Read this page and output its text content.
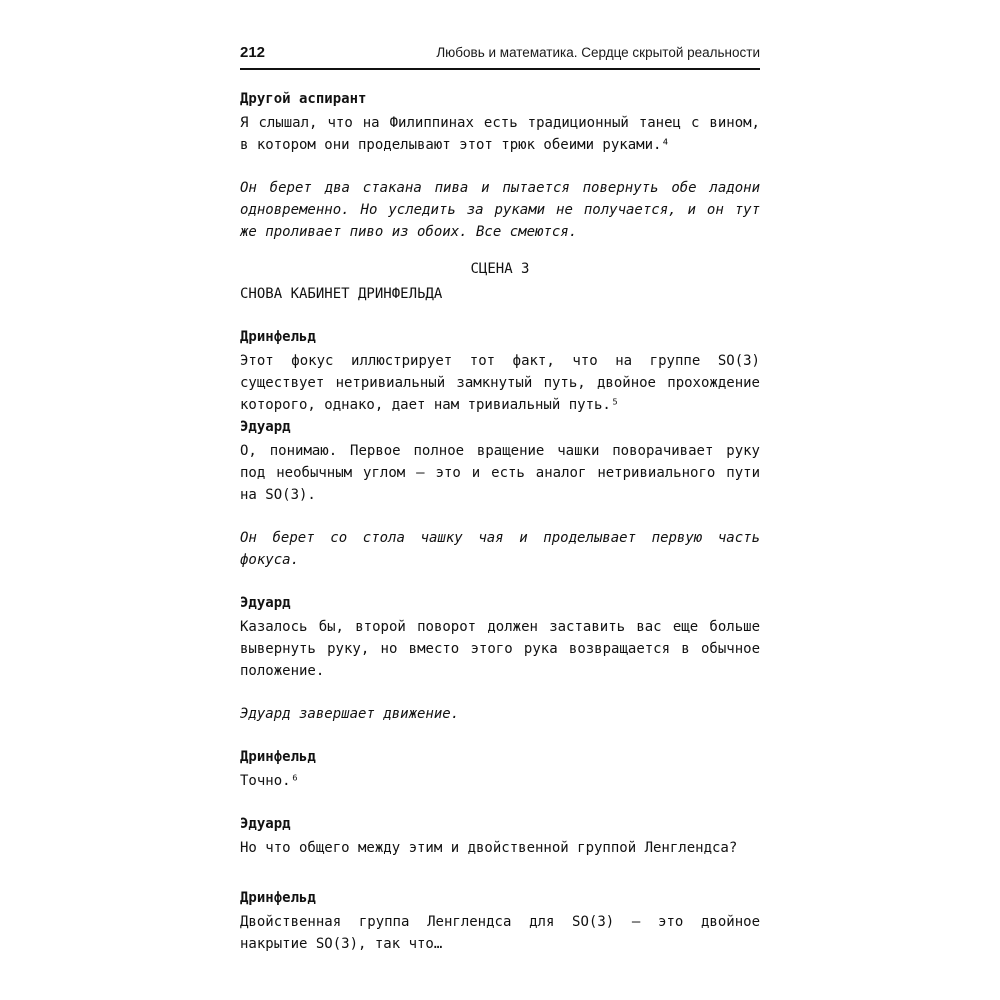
212	Любовь и математика. Сердце скрытой реальности

Другой аспирант

Я слышал, что на Филиппинах есть традиционный танец с вином, в котором они проделывают этот трюк обеими руками.⁴

Он берет два стакана пива и пытается повернуть обе ладони одновременно. Но уследить за руками не получается, и он тут же проливает пиво из обоих. Все смеются.

СЦЕНА 3

СНОВА КАБИНЕТ ДРИНФЕЛЬДА

Дринфельд

Этот фокус иллюстрирует тот факт, что на группе SO(3) существует нетривиальный замкнутый путь, двойное прохождение которого, однако, дает нам тривиальный путь.⁵

Эдуард

О, понимаю. Первое полное вращение чашки поворачивает руку под необычным углом — это и есть аналог нетривиального пути на SO(3).

Он берет со стола чашку чая и проделывает первую часть фокуса.

Эдуард

Казалось бы, второй поворот должен заставить вас еще больше вывернуть руку, но вместо этого рука возвращается в обычное положение.

Эдуард завершает движение.

Дринфельд

Точно.⁶

Эдуард

Но что общего между этим и двойственной группой Ленглендса?

Дринфельд

Двойственная группа Ленглендса для SO(3) — это двойное накрытие SO(3), так что…
